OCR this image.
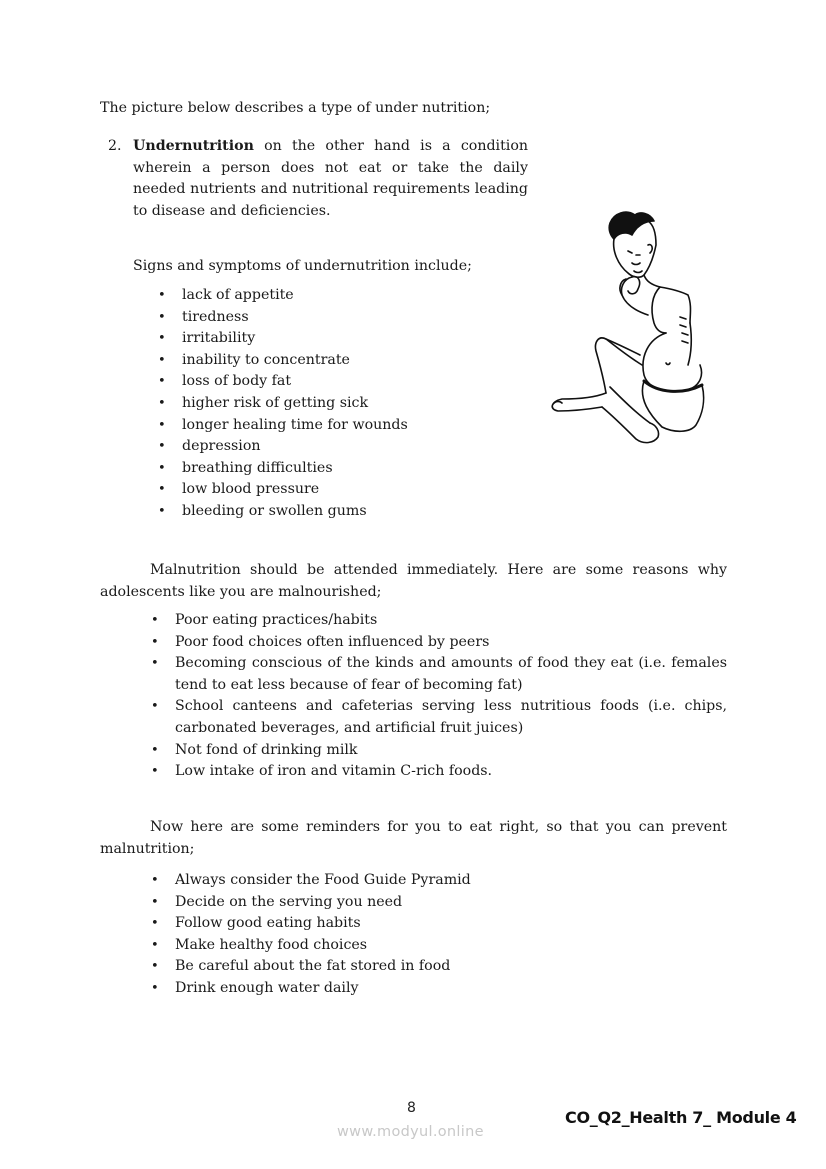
The picture below describes a type of under nutrition;
2. Undernutrition on the other hand is a condition wherein a person does not eat or take the daily needed nutrients and nutritional requirements leading to disease and deficiencies.
Signs and symptoms of undernutrition include;
• lack of appetite
• tiredness
• irritability
• inability to concentrate
• loss of body fat
• higher risk of getting sick
• longer healing time for wounds
• depression
• breathing difficulties
• low blood pressure
• bleeding or swollen gums
Malnutrition should be attended immediately. Here are some reasons why adolescents like you are malnourished;
• Poor eating practices/habits
• Poor food choices often influenced by peers
• Becoming conscious of the kinds and amounts of food they eat (i.e. females tend to eat less because of fear of becoming fat)
• School canteens and cafeterias serving less nutritious foods (i.e. chips, carbonated beverages, and artificial fruit juices)
• Not fond of drinking milk
• Low intake of iron and vitamin C-rich foods.
Now here are some reminders for you to eat right, so that you can prevent malnutrition;
• Always consider the Food Guide Pyramid
• Decide on the serving you need
• Follow good eating habits
• Make healthy food choices
• Be careful about the fat stored in food
• Drink enough water daily
8	CO_Q2_Health 7_ Module 4
www.modyul.online
